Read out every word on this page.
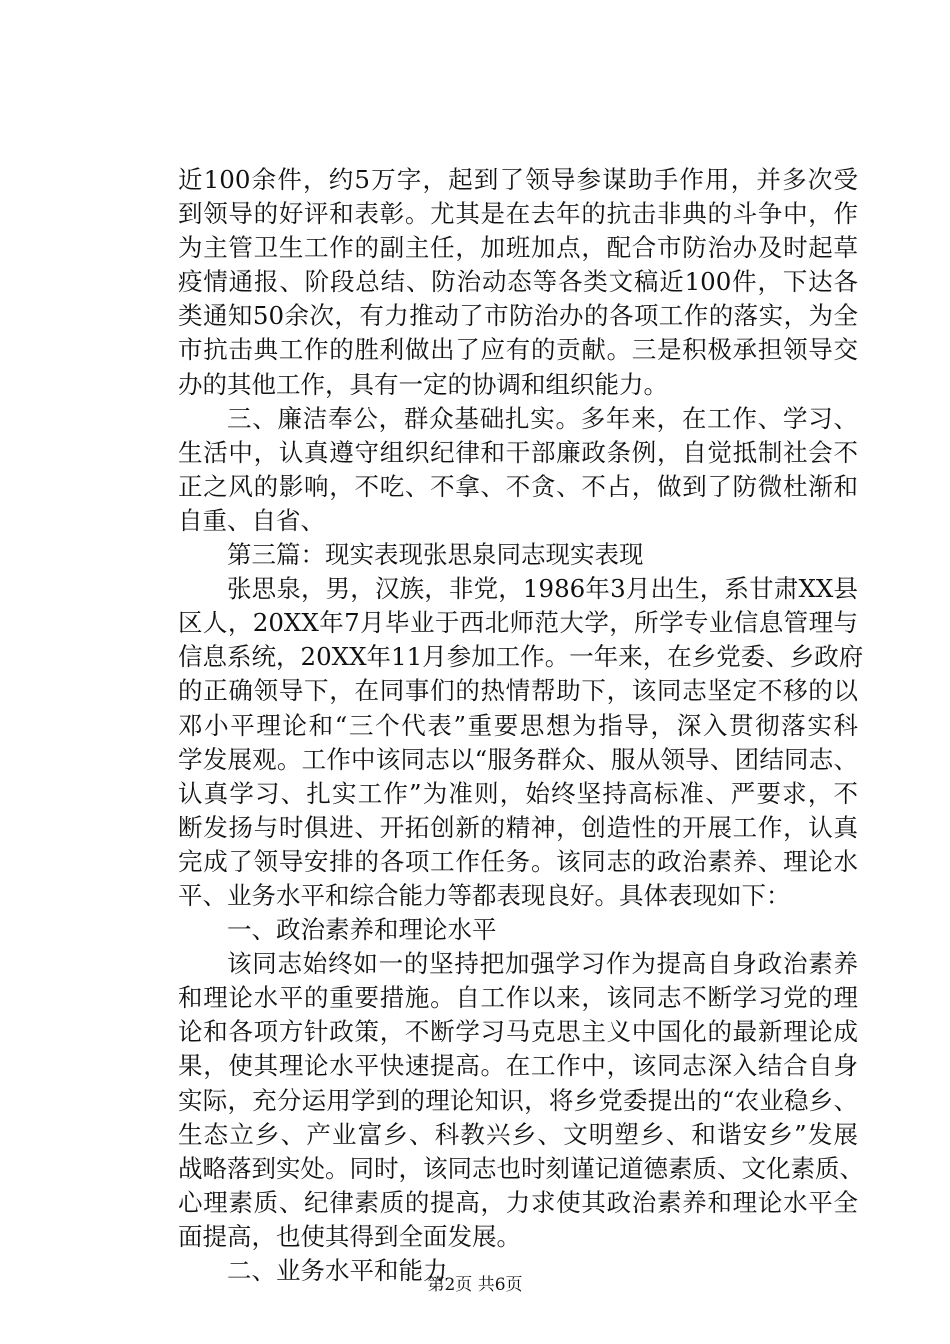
近100余件，约5万字，起到了领导参谋助手作用，并多次受
到领导的好评和表彰。尤其是在去年的抗击非典的斗争中，作
为主管卫生工作的副主任，加班加点，配合市防治办及时起草
疫情通报、阶段总结、防治动态等各类文稿近100件，下达各
类通知50余次，有力推动了市防治办的各项工作的落实，为全
市抗击典工作的胜利做出了应有的贡献。三是积极承担领导交
办的其他工作，具有一定的协调和组织能力。
三、廉洁奉公，群众基础扎实。多年来，在工作、学习、
生活中，认真遵守组织纪律和干部廉政条例，自觉抵制社会不
正之风的影响，不吃、不拿、不贪、不占，做到了防微杜渐和
自重、自省、
第三篇：现实表现张思泉同志现实表现
张思泉，男，汉族，非党，1986年3月出生，系甘肃XX县
区人，20XX年7月毕业于西北师范大学，所学专业信息管理与
信息系统，20XX年11月参加工作。一年来，在乡党委、乡政府
的正确领导下，在同事们的热情帮助下，该同志坚定不移的以
邓小平理论和“三个代表”重要思想为指导，深入贯彻落实科
学发展观。工作中该同志以“服务群众、服从领导、团结同志、
认真学习、扎实工作”为准则，始终坚持高标准、严要求，不
断发扬与时俱进、开拓创新的精神，创造性的开展工作，认真
完成了领导安排的各项工作任务。该同志的政治素养、理论水
平、业务水平和综合能力等都表现良好。具体表现如下：
一、政治素养和理论水平
该同志始终如一的坚持把加强学习作为提高自身政治素养
和理论水平的重要措施。自工作以来，该同志不断学习党的理
论和各项方针政策，不断学习马克思主义中国化的最新理论成
果，使其理论水平快速提高。在工作中，该同志深入结合自身
实际，充分运用学到的理论知识，将乡党委提出的“农业稳乡、
生态立乡、产业富乡、科教兴乡、文明塑乡、和谐安乡”发展
战略落到实处。同时，该同志也时刻谨记道德素质、文化素质、
心理素质、纪律素质的提高，力求使其政治素养和理论水平全
面提高，也使其得到全面发展。
二、业务水平和能力
第2页 共6页
